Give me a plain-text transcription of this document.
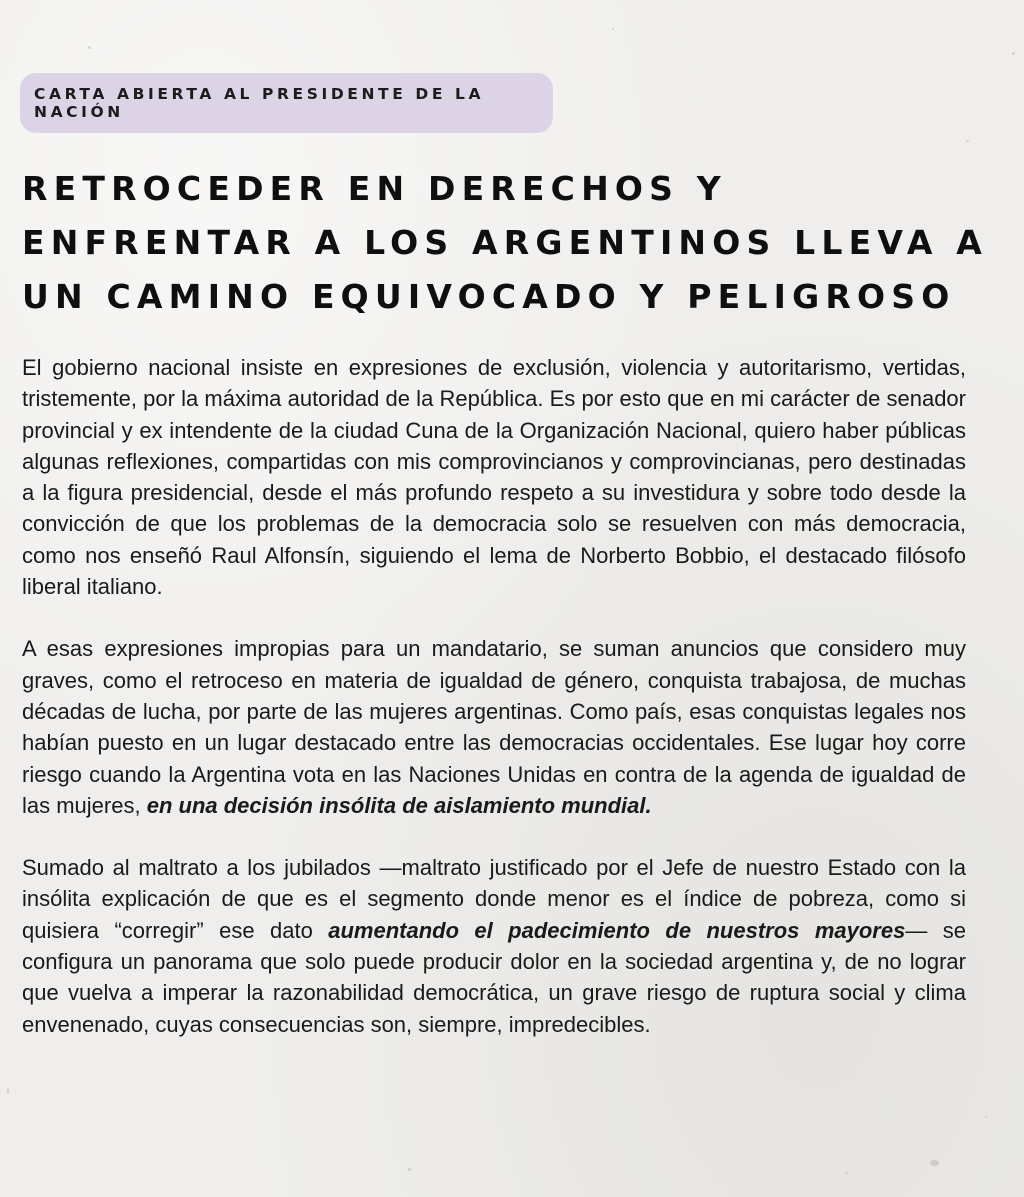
CARTA ABIERTA AL PRESIDENTE DE LA NACIÓN
RETROCEDER EN DERECHOS Y ENFRENTAR A LOS ARGENTINOS LLEVA A UN CAMINO EQUIVOCADO Y PELIGROSO

El gobierno nacional insiste en expresiones de exclusión, violencia y autoritarismo, vertidas, tristemente, por la máxima autoridad de la República. Es por esto que en mi carácter de senador provincial y ex intendente de la ciudad Cuna de la Organización Nacional, quiero haber públicas algunas reflexiones, compartidas con mis comprovincianos y comprovincianas, pero destinadas a la figura presidencial, desde el más profundo respeto a su investidura y sobre todo desde la convicción de que los problemas de la democracia solo se resuelven con más democracia, como nos enseñó Raul Alfonsín, siguiendo el lema de Norberto Bobbio, el destacado filósofo liberal italiano.

A esas expresiones impropias para un mandatario, se suman anuncios que considero muy graves, como el retroceso en materia de igualdad de género, conquista trabajosa, de muchas décadas de lucha, por parte de las mujeres argentinas. Como país, esas conquistas legales nos habían puesto en un lugar destacado entre las democracias occidentales. Ese lugar hoy corre riesgo cuando la Argentina vota en las Naciones Unidas en contra de la agenda de igualdad de las mujeres, en una decisión insólita de aislamiento mundial.

Sumado al maltrato a los jubilados —maltrato justificado por el Jefe de nuestro Estado con la insólita explicación de que es el segmento donde menor es el índice de pobreza, como si quisiera “corregir” ese dato aumentando el padecimiento de nuestros mayores— se configura un panorama que solo puede producir dolor en la sociedad argentina y, de no lograr que vuelva a imperar la razonabilidad democrática, un grave riesgo de ruptura social y clima envenenado, cuyas consecuencias son, siempre, impredecibles.
